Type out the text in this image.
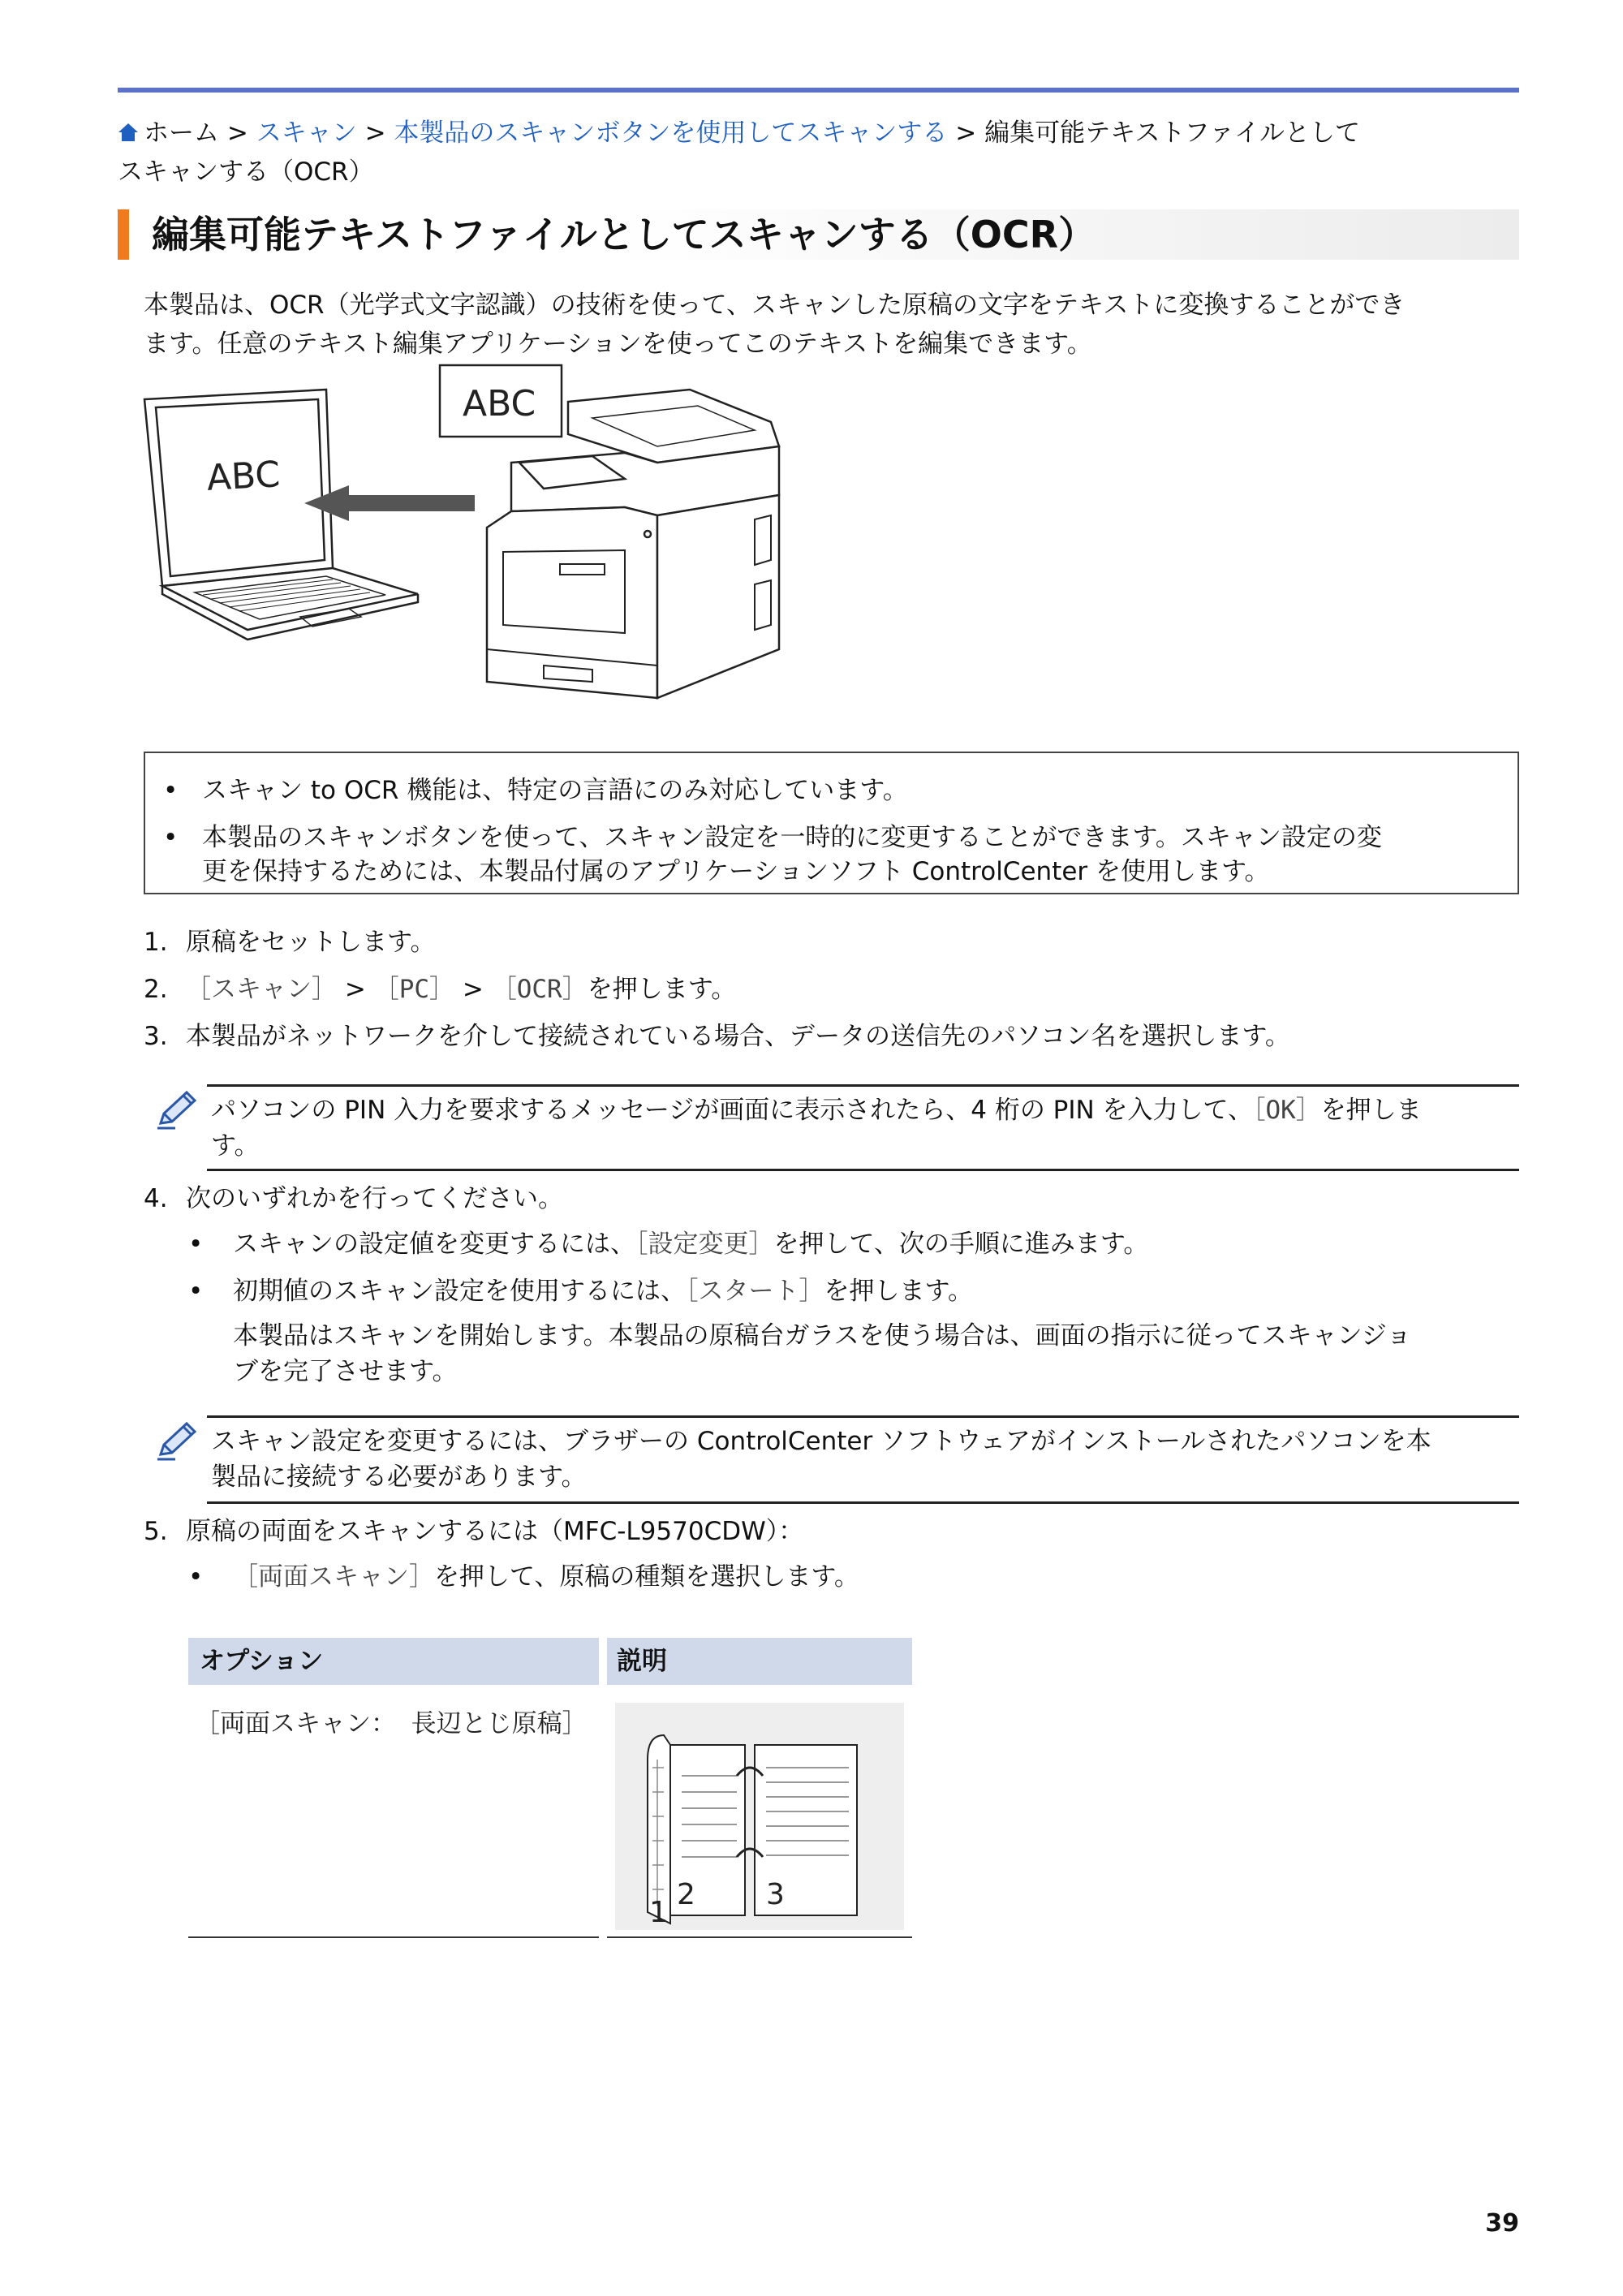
ホーム > スキャン > 本製品のスキャンボタンを使用してスキャンする > 編集可能テキストファイルとして
スキャンする（OCR）
編集可能テキストファイルとしてスキャンする（OCR）
本製品は、OCR（光学式文字認識）の技術を使って、スキャンした原稿の文字をテキストに変換することができ
ます。任意のテキスト編集アプリケーションを使ってこのテキストを編集できます。
ABC
ABC
• スキャン to OCR 機能は、特定の言語にのみ対応しています。
• 本製品のスキャンボタンを使って、スキャン設定を一時的に変更することができます。スキャン設定の変
更を保持するためには、本製品付属のアプリケーションソフト ControlCenter を使用します。
1. 原稿をセットします。
2. ［スキャン］ > ［PC］ > ［OCR］を押します。
3. 本製品がネットワークを介して接続されている場合、データの送信先のパソコン名を選択します。
パソコンの PIN 入力を要求するメッセージが画面に表示されたら、4 桁の PIN を入力して、［OK］を押しま
す。
4. 次のいずれかを行ってください。
• スキャンの設定値を変更するには、［設定変更］を押して、次の手順に進みます。
• 初期値のスキャン設定を使用するには、［スタート］を押します。
本製品はスキャンを開始します。本製品の原稿台ガラスを使う場合は、画面の指示に従ってスキャンジョ
ブを完了させます。
スキャン設定を変更するには、ブラザーの ControlCenter ソフトウェアがインストールされたパソコンを本
製品に接続する必要があります。
5. 原稿の両面をスキャンするには（MFC-L9570CDW）：
• ［両面スキャン］を押して、原稿の種類を選択します。
オプション	説明
［両面スキャン： 長辺とじ原稿］
2 3
1
39
